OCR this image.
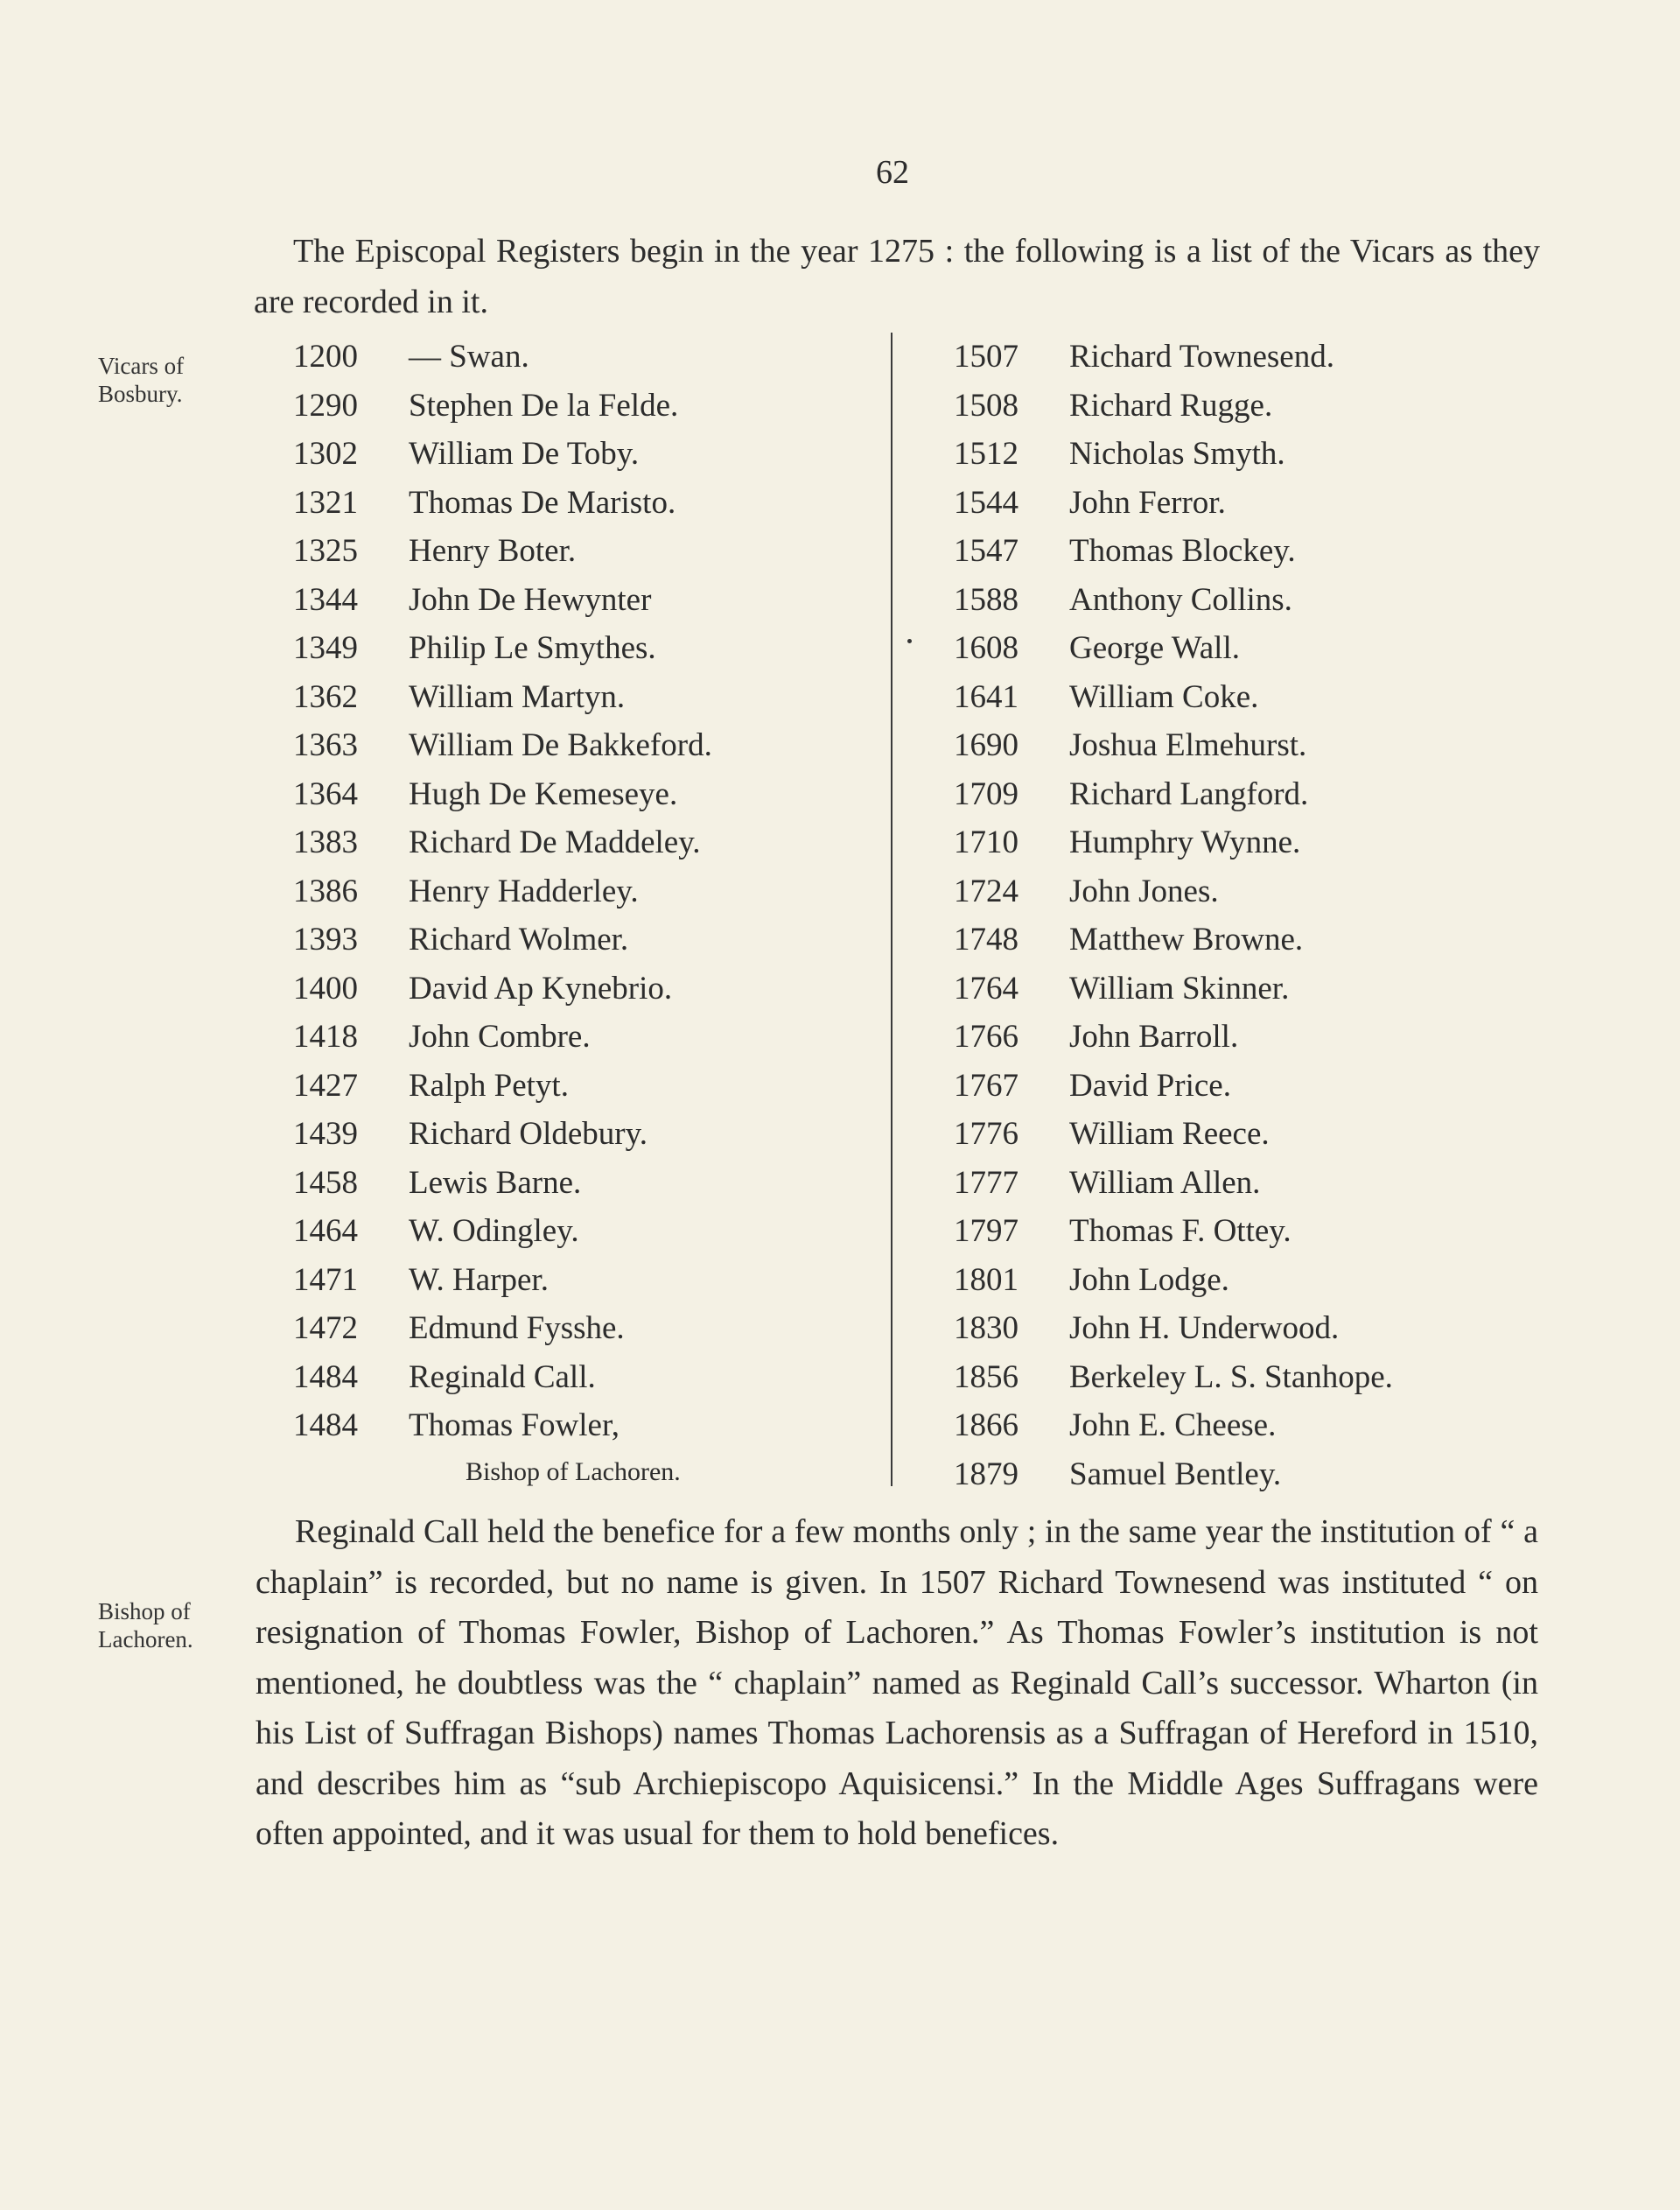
62

The Episcopal Registers begin in the year 1275 : the following is a list of the Vicars as they are recorded in it.

Vicars of
Bosbury.
Bishop of
Lachoren.
1200	— Swan.
1290	Stephen De la Felde.
1302	William De Toby.
1321	Thomas De Maristo.
1325	Henry Boter.
1344	John De Hewynter
1349	Philip Le Smythes.
1362	William Martyn.
1363	William De Bakkeford.
1364	Hugh De Kemeseye.
1383	Richard De Maddeley.
1386	Henry Hadderley.
1393	Richard Wolmer.
1400	David Ap Kynebrio.
1418	John Combre.
1427	Ralph Petyt.
1439	Richard Oldebury.
1458	Lewis Barne.
1464	W. Odingley.
1471	W. Harper.
1472	Edmund Fysshe.
1484	Reginald Call.
1484	Thomas Fowler,
Bishop of Lachoren.
1507	Richard Townesend.
1508	Richard Rugge.
1512	Nicholas Smyth.
1544	John Ferror.
1547	Thomas Blockey.
1588	Anthony Collins.
1608	George Wall.
1641	William Coke.
1690	Joshua Elmehurst.
1709	Richard Langford.
1710	Humphry Wynne.
1724	John Jones.
1748	Matthew Browne.
1764	William Skinner.
1766	John Barroll.
1767	David Price.
1776	William Reece.
1777	William Allen.
1797	Thomas F. Ottey.
1801	John Lodge.
1830	John H. Underwood.
1856	Berkeley L. S. Stanhope.
1866	John E. Cheese.
1879	Samuel Bentley.

Reginald Call held the benefice for a few months only ; in the same year the institution of “ a chaplain” is recorded, but no name is given. In 1507 Richard Townesend was instituted “ on resignation of Thomas Fowler, Bishop of Lachoren.” As Thomas Fowler’s institution is not mentioned, he doubtless was the “ chaplain” named as Reginald Call’s successor. Wharton (in his List of Suffragan Bishops) names Thomas Lachorensis as a Suffragan of Hereford in 1510, and describes him as “sub Archiepiscopo Aquisicensi.” In the Middle Ages Suffragans were often appointed, and it was usual for them to hold benefices.
